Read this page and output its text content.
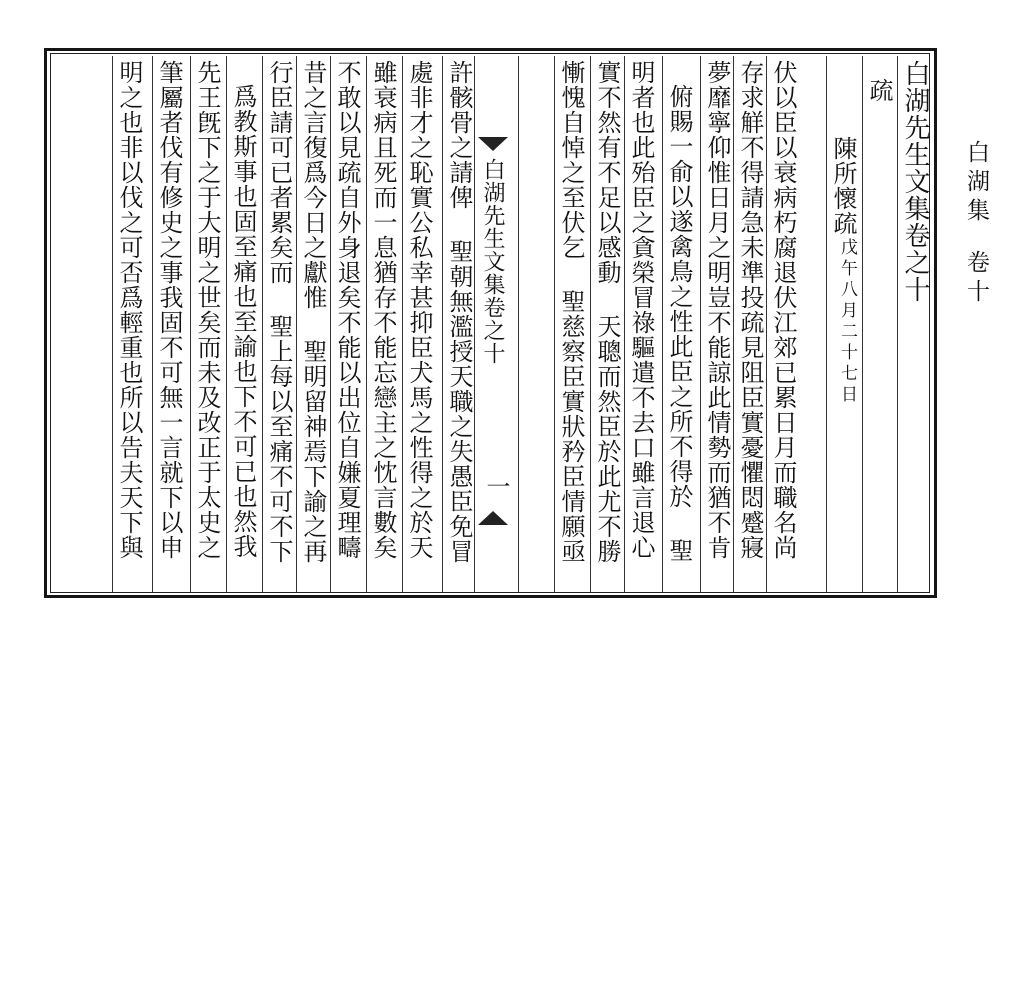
白湖集
卷十
白湖先生文集卷之十
疏
陳所懷疏
戊午八月二十七日
伏以臣以衰病朽腐退伏江郊已累日月而職名尚
存求觧不得請急未準投疏見阻臣實憂懼悶蹙寢
夢靡寧仰惟日月之明豈不能諒此情勢而猶不肯
俯賜一俞以遂禽鳥之性此臣之所不得於 聖
明者也此殆臣之貪榮冒祿驅遣不去口雖言退心
實不然有不足以感動 天聰而然臣於此尤不勝
慚愧自悼之至伏乞 聖慈察臣實狀矜臣情願亟
白湖先生文集卷之十
一
許骸骨之請俾 聖朝無濫授天職之失愚臣免冒
處非才之恥實公私幸甚抑臣犬馬之性得之於天
雖衰病且死而一息猶存不能忘戀主之忱言數矣
不敢以見疏自外身退矣不能以出位自嫌夏理疇
昔之言復爲今日之獻惟 聖明留神焉下諭之再
行臣請可已者累矣而 聖上每以至痛不可不下
爲教斯事也固至痛也至諭也下不可已也然我
先王旣下之于大明之世矣而未及改正于太史之
筆屬者伐有修史之事我固不可無一言就下以申
明之也非以伐之可否爲輕重也所以告夫天下與
